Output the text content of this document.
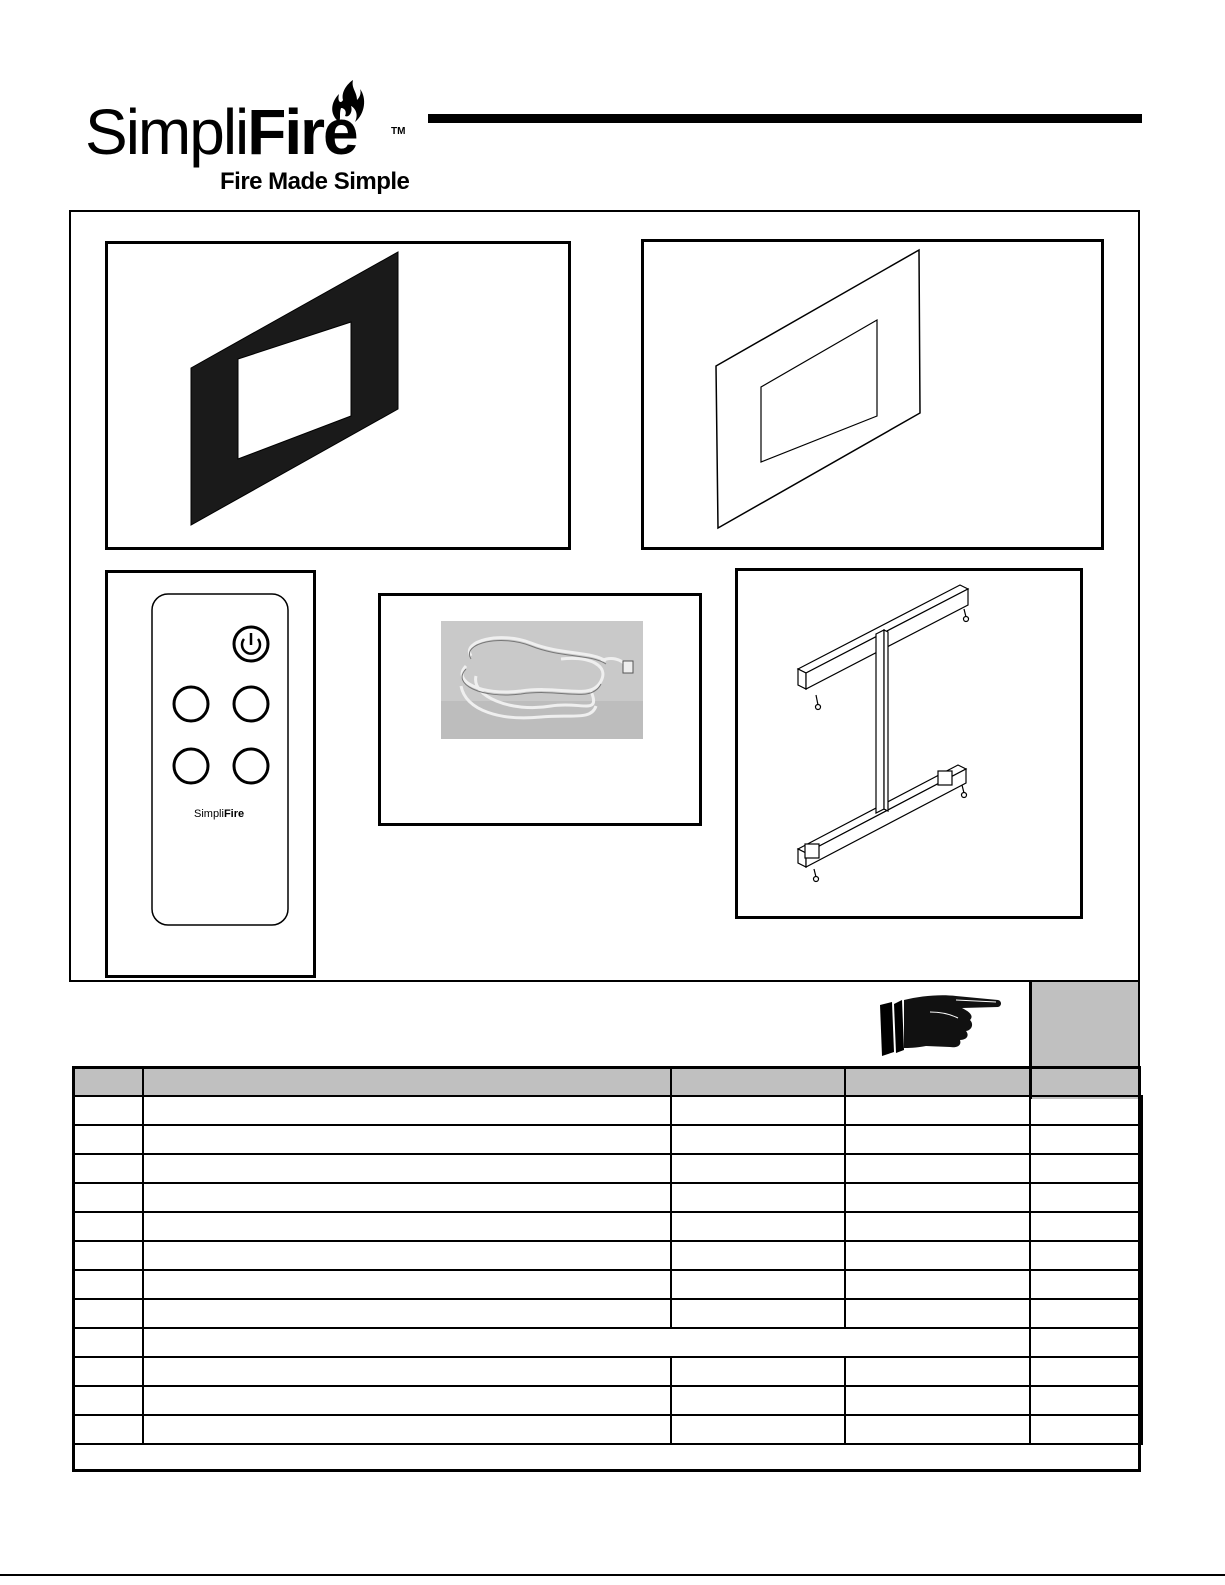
SimpliFire	TM
Fire Made Simple
SimpliFire
